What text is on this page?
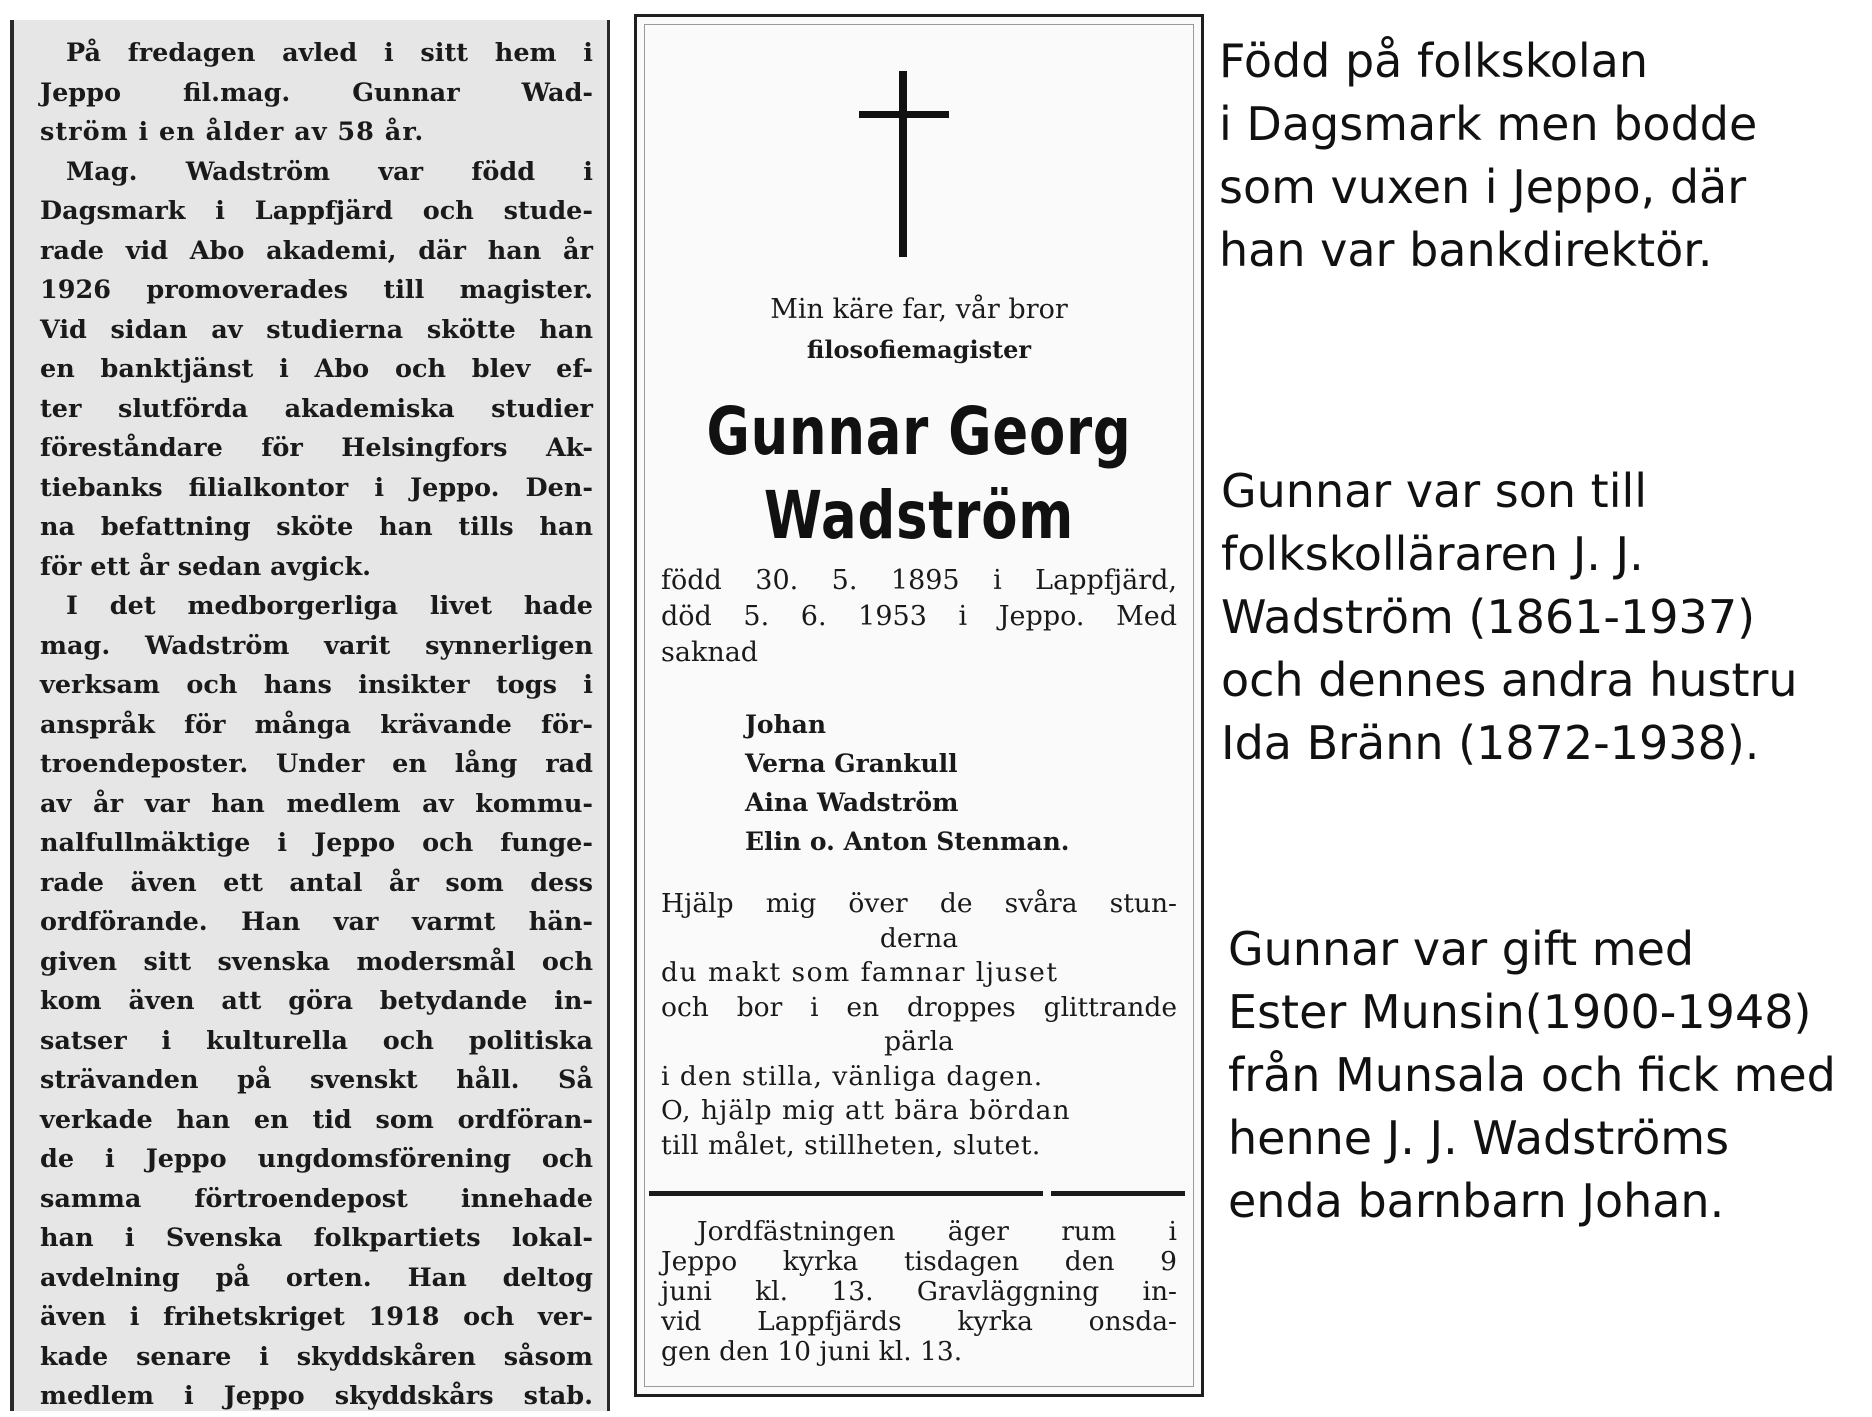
På fredagen avled i sitt hem i
Jeppo fil.mag. Gunnar Wad-
ström i en ålder av 58 år.
Mag. Wadström var född i
Dagsmark i Lappfjärd och stude-
rade vid Abo akademi, där han år
1926 promoverades till magister.
Vid sidan av studierna skötte han
en banktjänst i Abo och blev ef-
ter slutförda akademiska studier
föreståndare för Helsingfors Ak-
tiebanks filialkontor i Jeppo. Den-
na befattning sköte han tills han
för ett år sedan avgick.
I det medborgerliga livet hade
mag. Wadström varit synnerligen
verksam och hans insikter togs i
anspråk för många krävande för-
troendeposter. Under en lång rad
av år var han medlem av kommu-
nalfullmäktige i Jeppo och funge-
rade även ett antal år som dess
ordförande. Han var varmt hän-
given sitt svenska modersmål och
kom även att göra betydande in-
satser i kulturella och politiska
strävanden på svenskt håll. Så
verkade han en tid som ordföran-
de i Jeppo ungdomsförening och
samma förtroendepost innehade
han i Svenska folkpartiets lokal-
avdelning på orten. Han deltog
även i frihetskriget 1918 och ver-
kade senare i skyddskåren såsom
medlem i Jeppo skyddskårs stab.
Min käre far, vår bror
filosofiemagister
Gunnar Georg
Wadström
född 30. 5. 1895 i Lappfjärd,
död 5. 6. 1953 i Jeppo. Med
saknad
Johan
Verna Grankull
Aina Wadström
Elin o. Anton Stenman.
Hjälp mig över de svåra stun-
derna
du makt som famnar ljuset
och bor i en droppes glittrande
pärla
i den stilla, vänliga dagen.
O, hjälp mig att bära bördan
till målet, stillheten, slutet.
Jordfästningen äger rum i
Jeppo kyrka tisdagen den 9
juni kl. 13. Gravläggning in-
vid Lappfjärds kyrka onsda-
gen den 10 juni kl. 13.
Född på folkskolan
i Dagsmark men bodde
som vuxen i Jeppo, där
han var bankdirektör.
Gunnar var son till
folkskolläraren J. J.
Wadström (1861-1937)
och dennes andra hustru
Ida Bränn (1872-1938).
Gunnar var gift med
Ester Munsin(1900-1948)
från Munsala och fick med
henne J. J. Wadströms
enda barnbarn Johan.
